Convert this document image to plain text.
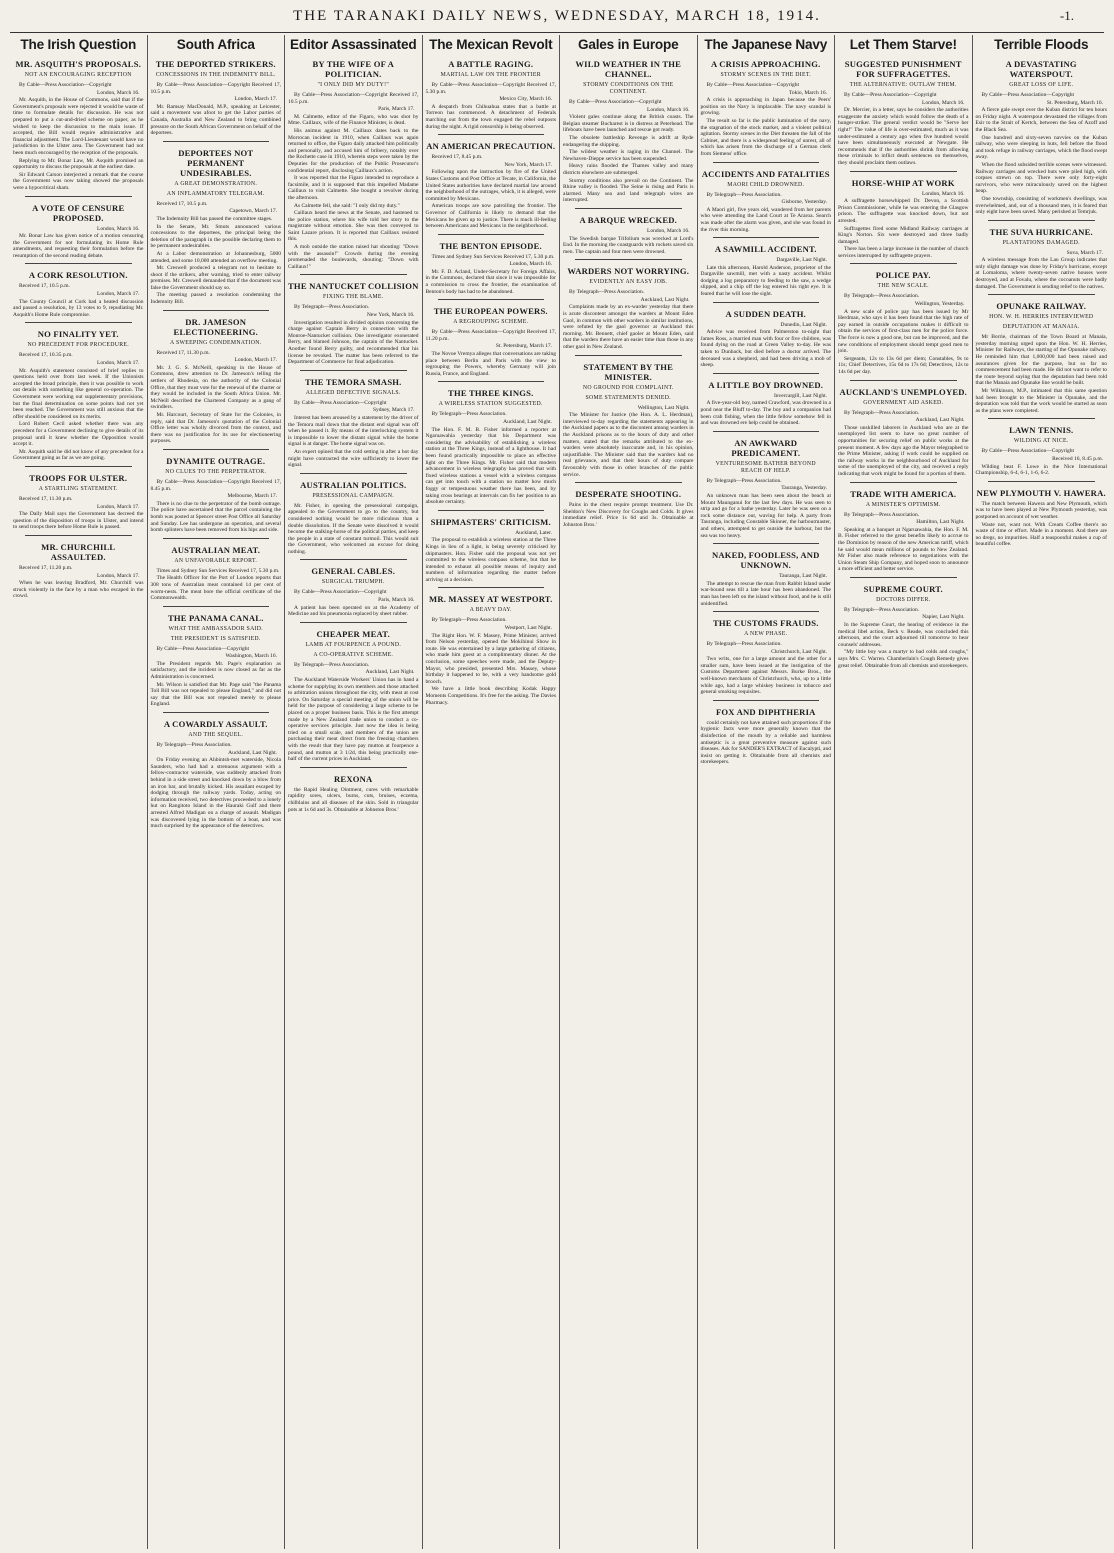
THE TARANAKI DAILY NEWS, WEDNESDAY, MARCH 18, 1914.	-1.
The Irish Question
MR. ASQUITH'S PROPOSALS.
NOT AN ENCOURAGING RECEPTION
By Cable—Press Association—Copyright
London, March 16.

Mr. Asquith, in the House of Commons, said that if the Government's proposals were rejected it would be waste of time to formulate details for discussion. He was not prepared to put a cut-and-dried scheme on paper, as he wished to keep the discussion to the main issue. If accepted, the Bill would require administrative and financial adjustment. The Lord-Lieutenant would have no jurisdiction in the Ulster area. The Government had not been much encouraged by the reception of the proposals.

Replying to Mr. Bonar Law, Mr. Asquith promised an opportunity to discuss the proposals at the earliest date.

Sir Edward Carson interjected a remark that the course the Government was now taking showed the proposals were a hypocritical sham.

A VOTE OF CENSURE PROPOSED.
London, March 16.

Mr. Bonar Law has given notice of a motion censuring the Government for not formulating its Home Rule amendments, and requesting their formulation before the resumption of the second reading debate.

A CORK RESOLUTION.
Received 17, 10.5 p.m.
London, March 17.

The County Council at Cork had a heated discussion and passed a resolution, by 13 votes to 9, repudiating Mr. Asquith's Home Rule compromise.

NO FINALITY YET.
NO PRECEDENT FOR PROCEDURE.
Received 17, 10.35 p.m.
London, March 17.

Mr. Asquith's statement consisted of brief replies to questions held over from last week. If the Unionists accepted the broad principle, then it was possible to work out details with something like general co-operation. The Government were working out supplementary provisions, but the final determination on some points had not yet been reached. The Government was still anxious that the offer should be considered on its merits.

Lord Robert Cecil asked whether there was any precedent for a Government declining to give details of its proposal until it knew whether the Opposition would accept it.

Mr. Asquith said he did not know of any precedent for a Government going as far as we are going.

TROOPS FOR ULSTER.
A STARTLING STATEMENT.
Received 17, 11.30 p.m.
London, March 17.

The Daily Mail says the Government has decreed the question of the disposition of troops in Ulster, and intend to send troops there before Home Rule is passed.

MR. CHURCHILL ASSAULTED.
Received 17, 11.20 p.m.
London, March 17.

When he was leaving Bradford, Mr. Churchill was struck violently in the face by a man who escaped in the crowd.

South Africa
THE DEPORTED STRIKERS.
CONCESSIONS IN THE INDEMNITY BILL.
By Cable—Press Association—Copyright Received 17, 10.5 p.m.
London, March 17.

Mr. Ramsay MacDonald, M.P., speaking at Leicester, said a movement was afoot to get the Labor parties of Canada, Australia and New Zealand to bring combined pressure on the South African Government on behalf of the deportees.

DEPORTEES NOT PERMANENT UNDESIRABLES.
A GREAT DEMONSTRATION.
AN INFLAMMATORY TELEGRAM.
Received 17, 10.5 p.m.
Capetown, March 17.

The Indemnity Bill has passed the committee stages.

In the Senate, Mr. Smuts announced various concessions to the deportees, the principal being the deletion of the paragraph in the possible declaring them to be permanent undesirables.

At a Labor demonstration at Johannesburg, 5000 attended, and some 10,000 attended an overflow meeting.

Mr. Creswell produced a telegram not to hesitate to shoot if the strikers, after warning, tried to enter railway premises. Mr. Creswell demanded that if the document was false the Government should say so.

The meeting passed a resolution condemning the Indemnity Bill.

DR. JAMESON ELECTIONEERING.
A SWEEPING CONDEMNATION.
Received 17, 11.30 p.m.
London, March 17.

Mr. J. G. S. McNeill, speaking in the House of Commons, drew attention to Dr. Jameson's telling the settlers of Rhodesia, on the authority of the Colonial Office, that they must vote for the renewal of the charter or they would be included in the South Africa Union. Mr. McNeill described the Chartered Company as a gang of swindlers.

Mr. Harcourt, Secretary of State for the Colonies, in reply, said that Dr. Jameson's quotation of the Colonial Office letter was wholly divorced from the context, and there was no justification for its use for electioneering purposes.

DYNAMITE OUTRAGE.
NO CLUES TO THE PERPETRATOR.
By Cable—Press Association—Copyright Received 17, 8.45 p.m.
Melbourne, March 17.

There is no clue to the perpetrator of the bomb outrage. The police have ascertained that the parcel containing the bomb was posted at Spencer street Post Office all Saturday and Sunday. Lee has undergone an operation, and several bomb splinters have been removed from his hips and side.

AUSTRALIAN MEAT.
AN UNFAVORABLE REPORT.
Times and Sydney Sun Services Received 17, 5.30 p.m.

The Health Officer for the Port of London reports that 308 tons of Australian meat contained 14 per cent of worm-nests. The meat bore the official certificate of the Commonwealth.

THE PANAMA CANAL.
WHAT THE AMBASSADOR SAID.
THE PRESIDENT IS SATISFIED.
By Cable—Press Association—Copyright
Washington, March 16.

The President regards Mr. Page's explanation as satisfactory, and the incident is now closed as far as the Administration is concerned.

Mr. Wilson is satisfied that Mr. Page said "the Panama Toll Bill was not repealed to please England," and did not say that the Bill was not repealed merely to please England.

A COWARDLY ASSAULT.
AND THE SEQUEL.
By Telegraph—Press Association.
Auckland, Last Night.

On Friday evening an Ahbintsh-met waterside, Nicola Saunders, who had had a strenuous argument with a fellow-contractor waterside, was suddenly attacked from behind in a side street and knocked down by a blow from an iron bar, and brutally kicked. His assailant escaped by dodging through the railway yards. Today, acting on information received, two detectives proceeded to a lonely hut on Rangitoto Island in the Hauraki Gulf and there arrested Alfred Madigan on a charge of assault. Madigan was discovered lying in the bottom of a boat, and was much surprised by the appearance of the detectives.

Editor Assassinated
BY THE WIFE OF A POLITICIAN.
"I ONLY DID MY DUTY!"
By Cable—Press Association—Copyright Received 17, 10.5 p.m.
Paris, March 17.

M. Calmette, editor of the Figaro, who was shot by Mme. Caillaux, wife of the Finance Minister, is dead.

His animus against M. Caillaux dates back to the Morrocan incident in 1910, when Caillaux was again returned to office, the Figaro daily attacked him politically and personally, and accused him of bribery, notably over the Rochette case in 1910, wherein steps were taken by the Deputies for the production of the Public Prosecutor's confidential report, disclosing Caillaux's action.

It was reported that the Figaro intended to reproduce a facsimile, and it is supposed that this impelled Madame Caillaux to visit Calmette. She bought a revolver during the afternoon.

As Calmette fell, she said: "I only did my duty."

Caillaux heard the news at the Senate, and hastened to the police station, where his wife told her story to the magistrate without emotion. She was then conveyed to Saint Lazare prison. It is reported that Caillaux resisted this.

A mob outside the station raised hat shouting: "Down with the assassin!" Crowds during the evening promenaded the boulevards, shouting: "Down with Caillaux!"

THE NANTUCKET COLLISION
FIXING THE BLAME.
By Telegraph—Press Association.
New York, March 16.

Investigation resulted in divided opinion concerning the charge against Captain Berry in connection with the Monroe-Nantucket collision. One investigator exonerated Berry, and blamed Johnson, the captain of the Nantucket. Another found Berry guilty, and recommended that his license be revoked. The matter has been referred to the Department of Commerce for final adjudication.

THE TEMORA SMASH.
ALLEGED DEFECTIVE SIGNALS.
By Cable—Press Association—Copyright
Sydney, March 17.

Interest has been aroused by a statement by the driver of the Temora mail down that the distant end signal was off when he passed it. By means of the interlocking system it is impossible to lower the distant signal while the home signal is at danger. The home signal was on.

An expert opined that the cold setting in after a hot day might have contracted the wire sufficiently to lower the signal.

AUSTRALIAN POLITICS.
PRESESSIONAL CAMPAIGN.

Mr. Fisher, in opening the presessional campaign, appealed to the Government to go to the country, but considered nothing would be more ridiculous than a double dissolution. If the Senate were dissolved it would become the stalking-horse of the political parties, and keep the people in a state of constant turmoil. This would suit the Government, who welcomed an excuse for doing nothing.

GENERAL CABLES.
SURGICAL TRIUMPH.
By Cable—Press Association—Copyright
Paris, March 16.

A patient has been operated on at the Academy of Medicine and his pneumonia replaced by sheet rubber.

CHEAPER MEAT.
LAMB AT FOURPENCE A POUND.
A CO-OPERATIVE SCHEME.
By Telegraph—Press Association.
Auckland, Last Night.

The Auckland Waterside Workers' Union has in hand a scheme for supplying its own members and those attached to arbitration unions throughout the city, with meat at cost price. On Saturday a special meeting of the union will be held for the purpose of considering a large scheme to be placed on a proper business basis. This is the first attempt made by a New Zealand trade union to conduct a co-operative services principle. Just now the idea is being tried on a small scale, and members of the union are purchasing their meat direct from the freezing chambers with the result that they have pay mutton at fourpence a pound, and mutton at 3 1/2d, this being practically one-half of the current prices in Auckland.

REXONA

the Rapid Healing Ointment, cures with remarkable rapidity sores, ulcers, burns, cuts, bruises, eczema, chilblains and all diseases of the skin. Sold in triangular pots at 1s 6d and 3s. Obtainable at Johnston Bros.'

The Mexican Revolt
A BATTLE RAGING.
MARTIAL LAW ON THE FRONTIER
By Cable—Press Association—Copyright Received 17, 5.30 p.m.
Mexico City, March 16.

A despatch from Chihuahua states that a battle at Torreon has commenced. A detachment of Federals marching out from the town engaged the rebel outposts during the night. A rigid censorship is being observed.

AN AMERICAN PRECAUTION.
Received 17, 8.45 p.m.
New York, March 17.

Following upon the instruction by fire of the United States Customs and Post Office at Tecate, in California, the United States authorities have declared martial law around the neighborhood of the outrages, which, it is alleged, were committed by Mexicans.

American troops are now patrolling the frontier. The Governor of California is likely to demand that the Mexicans be given up to justice. There is much ill-feeling between Americans and Mexicans in the neighborhood.

THE BENTON EPISODE.
Times and Sydney Sun Services Received 17, 5.30 p.m.
London, March 16.

Mr. F. D. Acland, Under-Secretary for Foreign Affairs, in the Commons, declared that since it was impossible for a commission to cross the frontier, the examination of Benton's body has had to be abandoned.

THE EUROPEAN POWERS.
A REGROUPING SCHEME.
By Cable—Press Association—Copyright Received 17, 11.20 p.m.
St. Petersburg, March 17.

The Novoe Vremya alleges that conversations are taking place between Berlin and Paris with the view to regrouping the Powers, whereby Germany will join Russia, France, and England.

THE THREE KINGS.
A WIRELESS STATION SUGGESTED.
By Telegraph—Press Association.
Auckland, Last Night.

The Hon. F. M. B. Fisher informed a reporter at Ngaruawahia yesterday that his Department was considering the advisability of establishing a wireless station at the Three Kings, instead of a lighthouse. It had been found practically impossible to place an effective light on the Three Kings. Mr. Fisher said that modern advancement in wireless telegraphy has proved that with fixed wireless stations a vessel with a wireless compass can get into touch with a station no matter how much foggy or tempestuous weather there has been, and by taking cross bearings at intervals can fix her position to an absolute certainty.

SHIPMASTERS' CRITICISM.
Auckland, Later.

The proposal to establish a wireless station at the Three Kings in lieu of a light, is being severely criticised by shipmasters. Hon. Fisher said the proposal was not yet committed to the wireless compass scheme, but that he intended to exhaust all possible means of inquiry and numbers of information regarding the matter before arriving at a decision.

MR. MASSEY AT WESTPORT.
A BEAVY DAY.
By Telegraph—Press Association.
Westport, Last Night.

The Right Hon. W. F. Massey, Prime Minister, arrived from Nelson yesterday, opened the Mokihinui Show in route. He was entertained by a large gathering of citizens, who made him guest at a complimentary dinner. At the conclusion, some speeches were made, and the Deputy-Mayor, who presided, presented Mrs. Massey, whose birthday it happened to be, with a very handsome gold brooch.

We have a little book describing Kodak Happy Moments Competitions. It's free for the asking. The Davies Pharmacy.

Gales in Europe
WILD WEATHER IN THE CHANNEL.
STORMY CONDITIONS ON THE CONTINENT.
By Cable—Press Association—Copyright
London, March 16.

Violent gales continue along the British coasts. The Belgian steamer Bucharest is in distress at Peterhead. The lifeboats have been launched and rescue got ready.

The obsolete battleship Revenge is adrift at Ryde endangering the shipping.

The wildest weather is raging in the Channel. The Newhaven-Dieppe service has been suspended.

Heavy rains flooded the Thames valley and many districts elsewhere are submerged.

Stormy conditions also prevail on the Continent. The Rhine valley is flooded. The Seine is rising and Paris is alarmed. Many sea and land telegraph wires are interrupted.

A BARQUE WRECKED.
London, March 16.

The Swedish barque Trifolium was wrecked at Lord's End. In the morning the coastguards with rockets saved six men. The captain and four men were drowned.

WARDERS NOT WORRYING.
EVIDENTLY AN EASY JOB.
By Telegraph—Press Association.
Auckland, Last Night.

Complaints made by an ex-warder yesterday that there is acute discontent amongst the warders at Mount Eden Gaol, in common with other warders in similar institutions, were refuted by the gaol governor at Auckland this morning. Mr. Bennett, chief gaoler at Mount Eden, said that the warders there have an easier time than those in any other gaol in New Zealand.

STATEMENT BY THE MINISTER.
NO GROUND FOR COMPLAINT.
SOME STATEMENTS DENIED.
Wellington, Last Night.

The Minister for Justice (the Hon. A. L. Herdman), interviewed to-day regarding the statements appearing in the Auckland papers as to the discontent among warders in the Auckland prisons as to the hours of duty and other matters, stated that the remarks attributed to the ex-warders were absolutely inaccurate and, in his opinion, unjustifiable. The Minister said that the warders had no real grievance, and that their hours of duty compare favourably with those in other branches of the public service.

DESPERATE SHOOTING.

Pains in the chest require prompt treatment. Use Dr. Sheldon's New Discovery for Coughs and Colds. It gives immediate relief. Price 1s 6d and 3s. Obtainable at Johnston Bros.'

The Japanese Navy
A CRISIS APPROACHING.
STORMY SCENES IN THE DIET.
By Cable—Press Association—Copyright
Tokio, March 16.

A crisis is approaching in Japan because the Peers' position on the Navy is implacable. The navy scandal is growing.

The result so far is the public lumination of the navy, the stagnation of the stock market, and a violent political agitation. Stormy scenes in the Diet threaten the fall of the Cabinet, and there is a widespread feeling of unrest, all of which has arisen from the discharge of a German clerk from Siemens' office.

ACCIDENTS AND FATALITIES
MAORI CHILD DROWNED.
By Telegraph—Press Association.
Gisborne, Yesterday.

A Maori girl, five years old, wandered from her parents who were attending the Land Court at Te Araroa. Search was made after the alarm was given, and she was found in the river this morning.

A SAWMILL ACCIDENT.
Dargaville, Last Night.

Late this afternoon, Harold Anderson, proprietor of the Dargaville sawmill, met with a nasty accident. Whilst dodging a log preparatory to feeding to the saw, a wedge slipped, and a chip off the log entered his right eye. It is feared that he will lose the sight.

A SUDDEN DEATH.
Dunedin, Last Night.

Advice was received from Palmerston to-night that James Ross, a married man with four or five children, was found dying on the road at Green Valley to-day. He was taken to Dunback, but died before a doctor arrived. The deceased was a shepherd, and had been driving a mob of sheep.

A LITTLE BOY DROWNED.
Invercargill, Last Night.

A five-year-old boy, named Crawford, was drowned in a pond near the Bluff to-day. The boy and a companion had been crab fishing, when the little fellow somehow fell in and was drowned ere help could be obtained.

AN AWKWARD PREDICAMENT.
VENTURESOME BATHER BEYOND REACH OF HELP.
By Telegraph—Press Association.
Tauranga, Yesterday.

An unknown man has been seen about the beach at Mount Maunganui for the last few days. He was seen to strip and go for a bathe yesterday. Later he was seen on a rock some distance out, waving for help. A party from Tauranga, including Constable Skinner, the harbourmaster, and others, attempted to get outside the harbour, but the sea was too heavy.

NAKED, FOODLESS, AND UNKNOWN.
Tauranga, Last Night.

The attempt to rescue the man from Rabbit Island under war-bound seas till a late hour has been abandoned. The man has been left on the island without food, and he is still unidentified.

THE CUSTOMS FRAUDS.
A NEW PHASE.
By Telegraph—Press Association.
Christchurch, Last Night.

Two writs, one for a large amount and the other for a smaller sum, have been issued at the instigation of the Customs Department against Messrs. Burke Bros., the well-known merchants of Christchurch, who, up to a little while ago, had a large whiskey business in tobacco and general smoking requisites.

FOX AND DIPHTHERIA

could certainly not have attained such proportions if the hygienic facts were more generally known that the disinfection of the mouth by a reliable and harmless antiseptic is a great preventive measure against such diseases. Ask for SANDER'S EXTRACT of Eucalypti, and insist on getting it. Obtainable from all chemists and storekeepers.

Let Them Starve!
SUGGESTED PUNISHMENT FOR SUFFRAGETTES.
THE ALTERNATIVE: OUTLAW THEM.
By Cable—Press Association—Copyright
London, March 16.

Dr. Mercier, in a letter, says he considers the authorities exaggerate the anxiety which would follow the death of a hunger-striker. The general verdict would be "Serve her right!" The value of life is over-estimated, much as it was under-estimated a century ago when five hundred would have been simultaneously executed at Newgate. He recommends that if the authorities shrink from allowing these criminals to inflict death sentences on themselves, they should proclaim them outlaws.

HORSE-WHIP AT WORK
London, March 16.

A suffragette horsewhipped Dr. Devon, a Scottish Prison Commissioner, while he was entering the Glasgow prison. The suffragette was knocked down, but not arrested.

Suffragettes fired some Midland Railway carriages at King's Norton. Six were destroyed and three badly damaged.

There has been a large increase in the number of church services interrupted by suffragette prayers.

POLICE PAY.
THE NEW SCALE.
By Telegraph—Press Association.
Wellington, Yesterday.

A new scale of police pay has been issued by Mr Herdman, who says it has been found that the high rate of pay earned in outside occupations makes it difficult to obtain the services of first-class men for the police force. The force is now a good one, but can be improved, and the new conditions of employment should tempt good men to join.

Sergeants, 12s to 13s 6d per diem; Constables, 9s to 11s; Chief Detectives, 15s 6d to 17s 6d; Detectives, 12s to 14s 6d per day.

AUCKLAND'S UNEMPLOYED.
GOVERNMENT AID ASKED.
By Telegraph—Press Association.
Auckland, Last Night.

Those unskilled laborers in Auckland who are at the unemployed list seem to have no great number of opportunities for securing relief on public works at the present moment. A few days ago the Mayor telegraphed to the Prime Minister, asking if work could be supplied on the railway works in the neighbourhood of Auckland for some of the unemployed of the city, and received a reply indicating that work might be found for a portion of them.

TRADE WITH AMERICA.
A MINISTER'S OPTIMISM.
By Telegraph—Press Association.
Hamilton, Last Night.

Speaking at a banquet at Ngaruawahia, the Hon. F. M. B. Fisher referred to the great benefits likely to accrue to the Dominion by reason of the new American tariff, which he said would mean millions of pounds to New Zealand. Mr Fisher also made reference to negotiations with the Union Steam Ship Company, and hoped soon to announce a more efficient and better service.

SUPREME COURT.
DOCTORS DIFFER.
By Telegraph—Press Association.
Napier, Last Night.

In the Supreme Court, the hearing of evidence in the medical libel action, Beck v. Reade, was concluded this afternoon, and the court adjourned till tomorrow to hear counsels' addresses.

"My little boy was a martyr to bad colds and coughs," says Mrs. C. Warren. Chamberlain's Cough Remedy gives great relief. Obtainable from all chemists and storekeepers.

Terrible Floods
A DEVASTATING WATERSPOUT.
GREAT LOSS OF LIFE.
By Cable—Press Association—Copyright
St. Petersburg, March 16.

A fierce gale swept over the Kuban district for ten hours on Friday night. A waterspout devastated the villages from Esir to the Strait of Kertch, between the Sea of Azoff and the Black Sea.

One hundred and sixty-seven navvies on the Kuban railway, who were sleeping in huts, fell before the flood and took refuge in railway carriages, which the flood swept away.

When the flood subsided terrible scenes were witnessed. Railway carriages and wrecked huts were piled high, with corpses strewn on top. There were only forty-eight survivors, who were miraculously saved on the highest heap.

One township, consisting of workmen's dwellings, was overwhelmed, and, out of a thousand men, it is feared that only eight have been saved. Many perished at Temrjuk.

THE SUVA HURRICANE.
PLANTATIONS DAMAGED.
Suva, March 17.

A wireless message from the Lau Group indicates that only slight damage was done by Friday's hurricane, except at Lomaloma, where twenty-seven native houses were destroyed, and at Fovalu, where the cocoanuts were badly damaged. The Government is sending relief to the natives.

OPUNAKE RAILWAY.
HON. W. H. HERRIES INTERVIEWED
DEPUTATION AT MANAIA.

Mr Borrie, chairman of the Town Board at Manaia, yesterday morning urged upon the Hon. W. H. Herries, Minister for Railways, the starting of the Opunake railway. He reminded him that 1,000,000 had been raised and assurances given for the purpose, but so far no commencement had been made. He did not want to refer to the route beyond saying that the deputation had been told that the Manaia and Opunake line would be built.

Mr Wilkinson, M.P., intimated that this same question had been brought to the Minister in Opunake, and the deputation was told that the work would be started as soon as the plans were completed.

LAWN TENNIS.
WILDING AT NICE.
By Cable—Press Association—Copyright
Received 16, 8.45 p.m.

Wilding beat F. Lowe in the Nice International Championship, 6-4, 6-1, 1-6, 6-2.

NEW PLYMOUTH V. HAWERA.

The match between Hawera and New Plymouth, which was to have been played at New Plymouth yesterday, was postponed on account of wet weather.

Waste not, want not. With Cream Coffee there's no waste of time or effort. Made in a moment. And there are no dregs, no impurities. Half a teaspoonful makes a cup of beautiful coffee.
